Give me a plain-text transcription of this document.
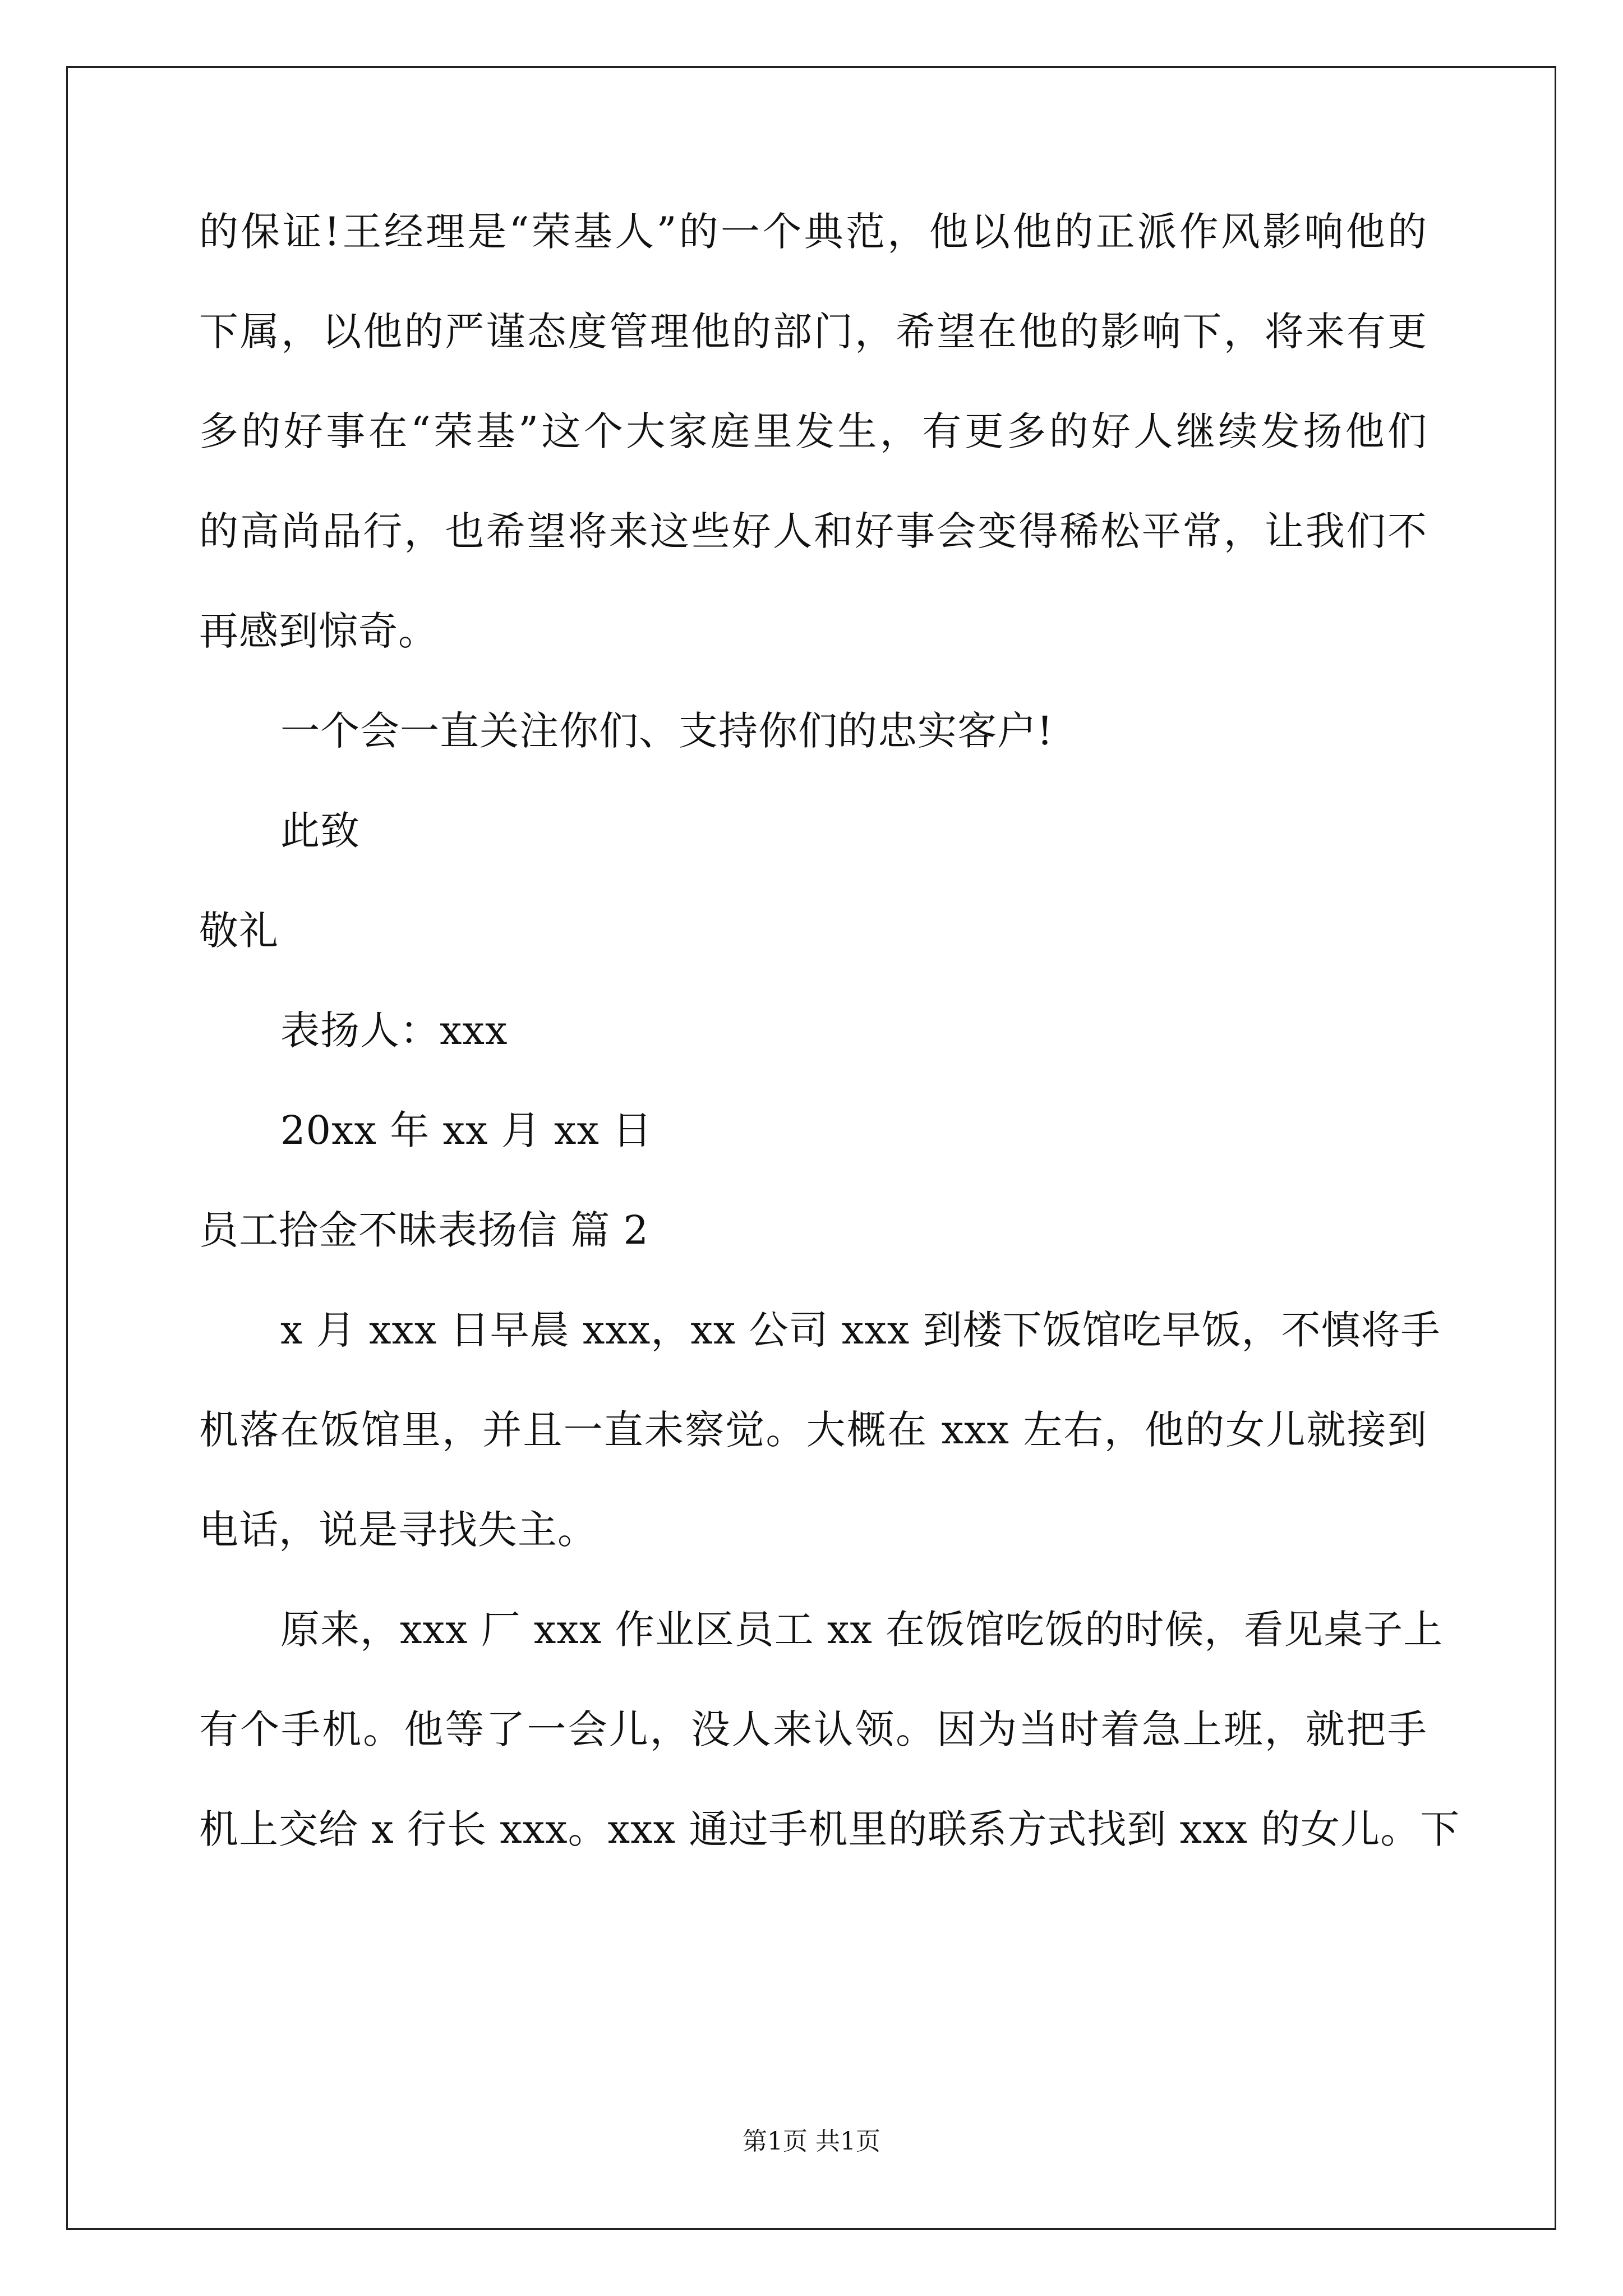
的保证!王经理是“荣基人”的一个典范，他以他的正派作风影响他的
下属，以他的严谨态度管理他的部门，希望在他的影响下，将来有更
多的好事在“荣基”这个大家庭里发生，有更多的好人继续发扬他们
的高尚品行，也希望将来这些好人和好事会变得稀松平常，让我们不
再感到惊奇。
一个会一直关注你们、支持你们的忠实客户!
此致
敬礼
表扬人：xxx
20xx 年 xx 月 xx 日
员工拾金不昧表扬信 篇 2
x 月 xxx 日早晨 xxx，xx 公司 xxx 到楼下饭馆吃早饭，不慎将手
机落在饭馆里，并且一直未察觉。大概在 xxx 左右，他的女儿就接到
电话，说是寻找失主。
原来，xxx 厂 xxx 作业区员工 xx 在饭馆吃饭的时候，看见桌子上
有个手机。他等了一会儿，没人来认领。因为当时着急上班，就把手
机上交给 x 行长 xxx。xxx 通过手机里的联系方式找到 xxx 的女儿。下
第1页 共1页
